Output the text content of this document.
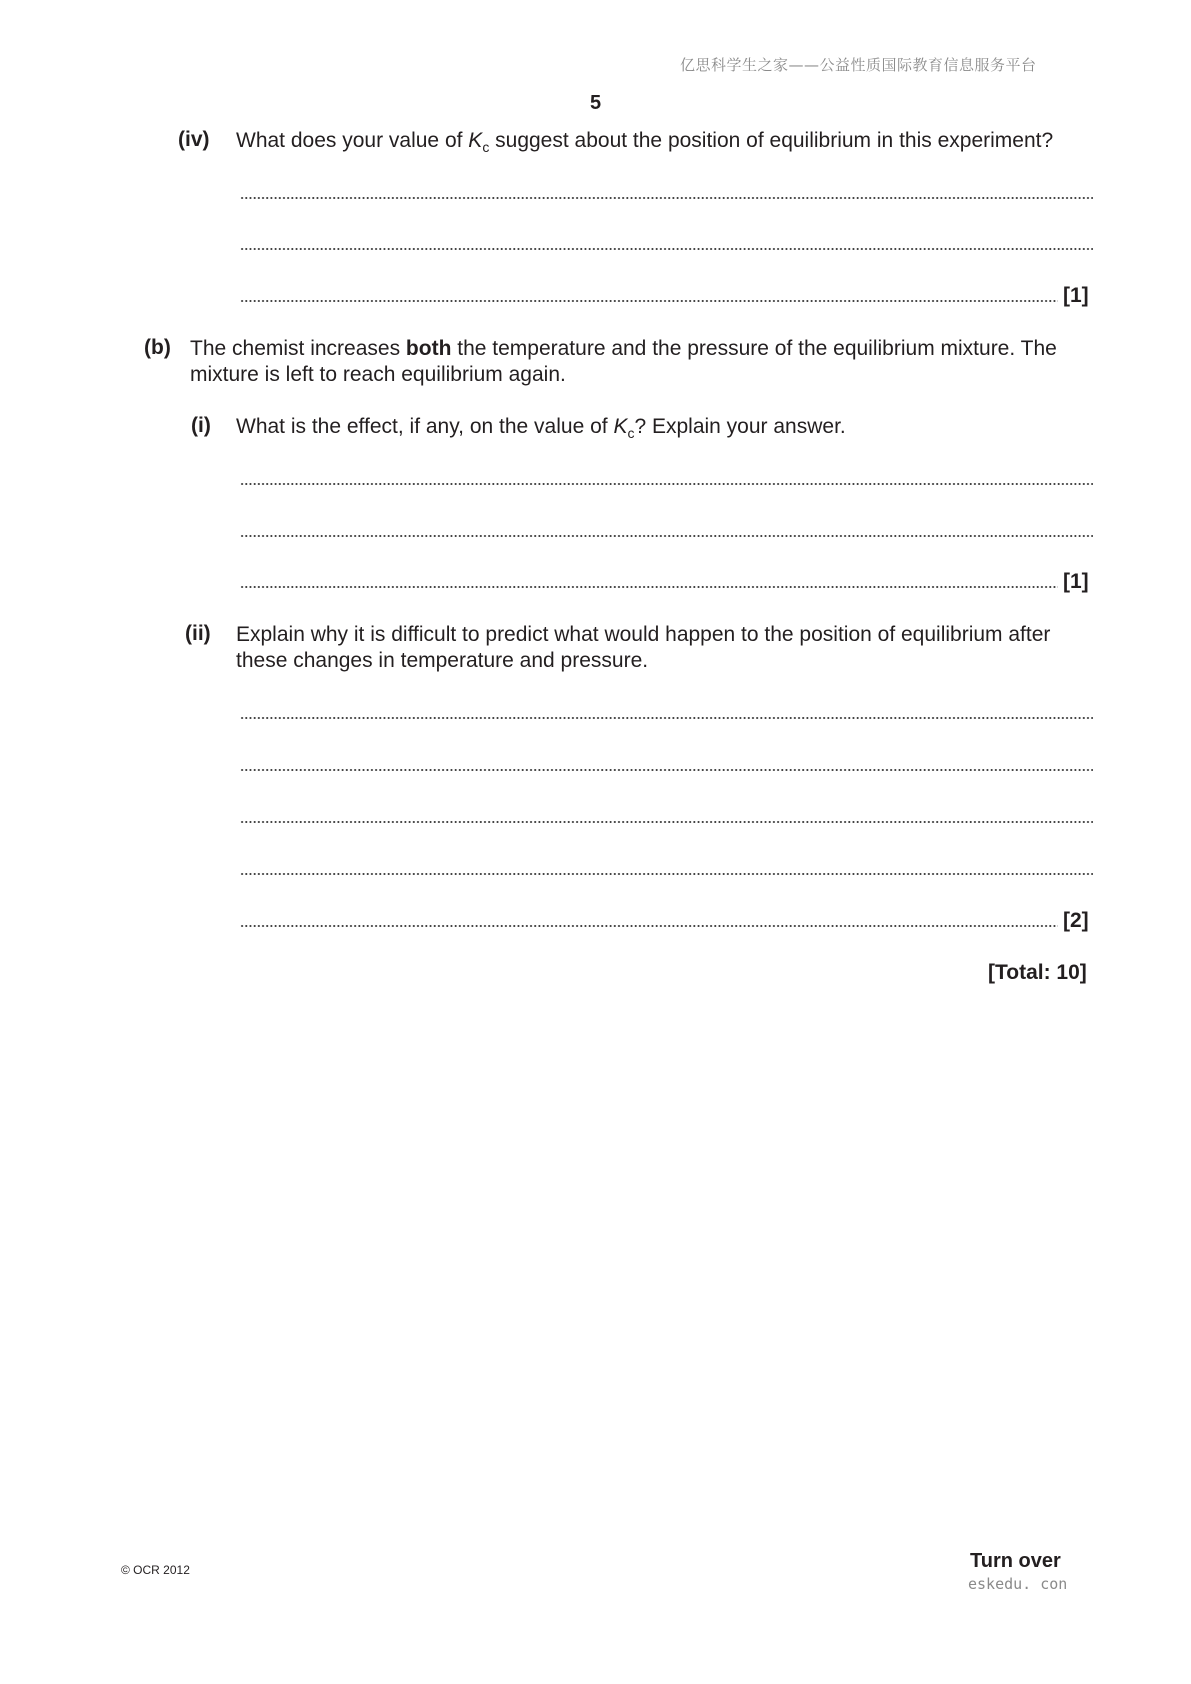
亿思科学生之家——公益性质国际教育信息服务平台
5
(iv) What does your value of $K_c$ suggest about the position of equilibrium in this experiment?
[1]
(b) The chemist increases both the temperature and the pressure of the equilibrium mixture. The mixture is left to reach equilibrium again.
(i) What is the effect, if any, on the value of $K_c$? Explain your answer.
[1]
(ii) Explain why it is difficult to predict what would happen to the position of equilibrium after these changes in temperature and pressure.
[2]
[Total: 10]
© OCR 2012	Turn over
eskedu. con
